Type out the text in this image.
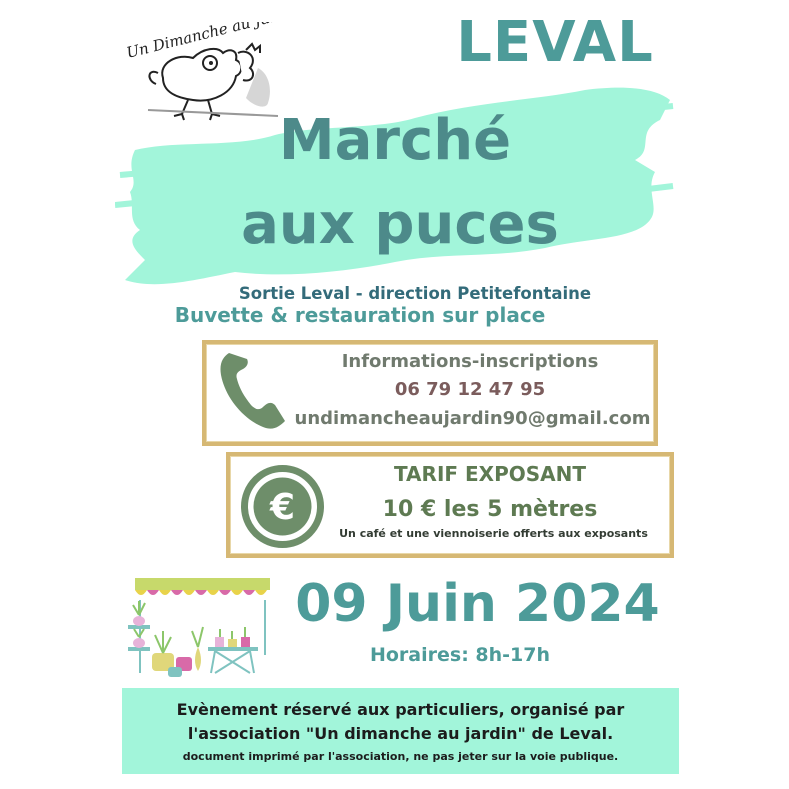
Un Dimanche au Jardin	LEVAL
Marché
aux puces
Sortie Leval - direction Petitefontaine
Buvette & restauration sur place
Informations-inscriptions
06 79 12 47 95
undimancheaujardin90@gmail.com
€
TARIF EXPOSANT
10 € les 5 mètres
Un café et une viennoiserie offerts aux exposants
09 Juin 2024
Horaires: 8h-17h
Evènement réservé aux particuliers, organisé par
l'association "Un dimanche au jardin" de Leval.
document imprimé par l'association, ne pas jeter sur la voie publique.
